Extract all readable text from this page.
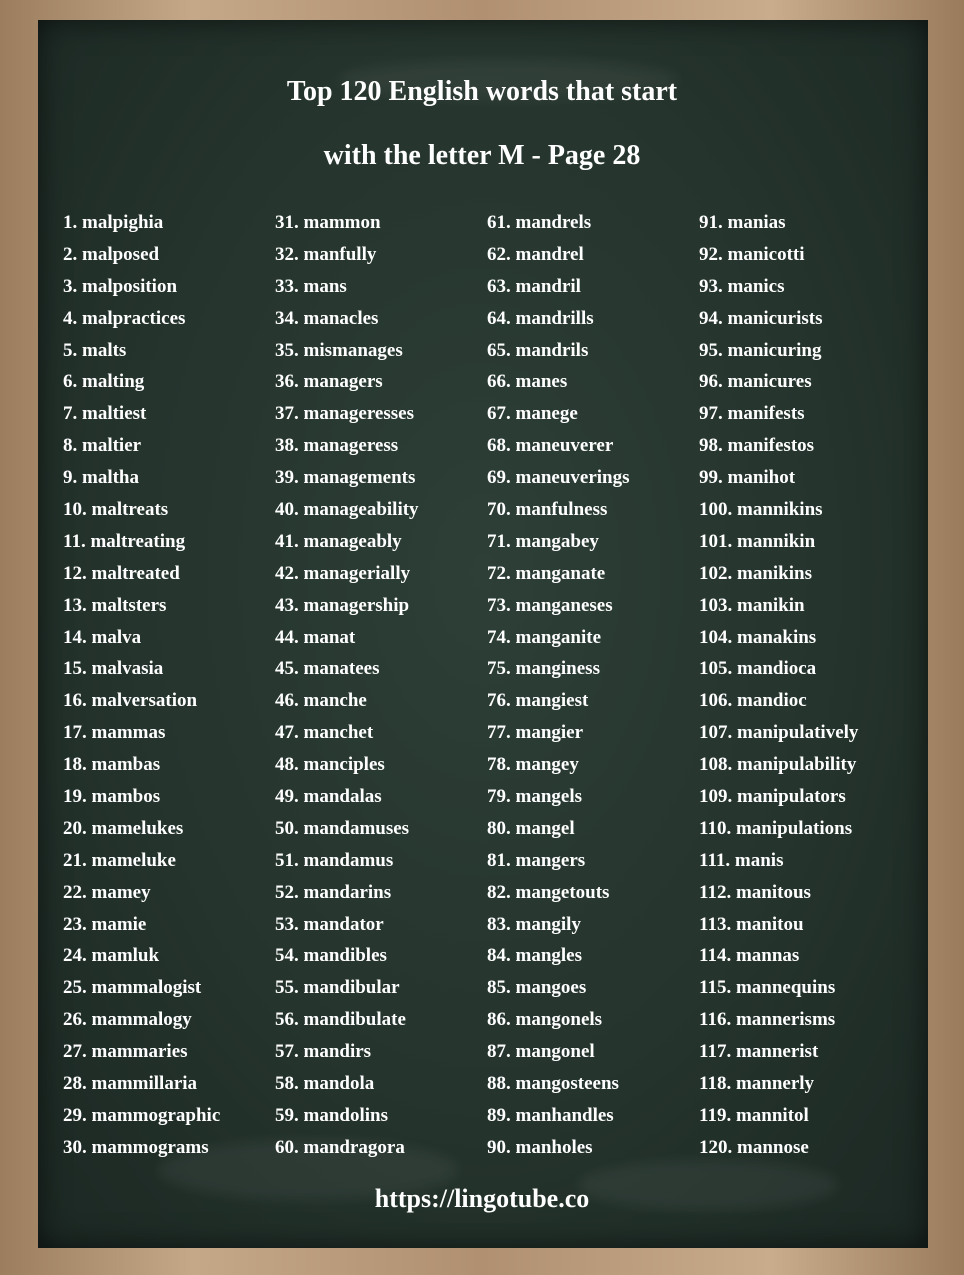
Top 120 English words that start
with the letter M - Page 28
1. malpighia
2. malposed
3. malposition
4. malpractices
5. malts
6. malting
7. maltiest
8. maltier
9. maltha
10. maltreats
11. maltreating
12. maltreated
13. maltsters
14. malva
15. malvasia
16. malversation
17. mammas
18. mambas
19. mambos
20. mamelukes
21. mameluke
22. mamey
23. mamie
24. mamluk
25. mammalogist
26. mammalogy
27. mammaries
28. mammillaria
29. mammographic
30. mammograms
31. mammon
32. manfully
33. mans
34. manacles
35. mismanages
36. managers
37. manageresses
38. manageress
39. managements
40. manageability
41. manageably
42. managerially
43. managership
44. manat
45. manatees
46. manche
47. manchet
48. manciples
49. mandalas
50. mandamuses
51. mandamus
52. mandarins
53. mandator
54. mandibles
55. mandibular
56. mandibulate
57. mandirs
58. mandola
59. mandolins
60. mandragora
61. mandrels
62. mandrel
63. mandril
64. mandrills
65. mandrils
66. manes
67. manege
68. maneuverer
69. maneuverings
70. manfulness
71. mangabey
72. manganate
73. manganeses
74. manganite
75. manginess
76. mangiest
77. mangier
78. mangey
79. mangels
80. mangel
81. mangers
82. mangetouts
83. mangily
84. mangles
85. mangoes
86. mangonels
87. mangonel
88. mangosteens
89. manhandles
90. manholes
91. manias
92. manicotti
93. manics
94. manicurists
95. manicuring
96. manicures
97. manifests
98. manifestos
99. manihot
100. mannikins
101. mannikin
102. manikins
103. manikin
104. manakins
105. mandioca
106. mandioc
107. manipulatively
108. manipulability
109. manipulators
110. manipulations
111. manis
112. manitous
113. manitou
114. mannas
115. mannequins
116. mannerisms
117. mannerist
118. mannerly
119. mannitol
120. mannose
https://lingotube.co
